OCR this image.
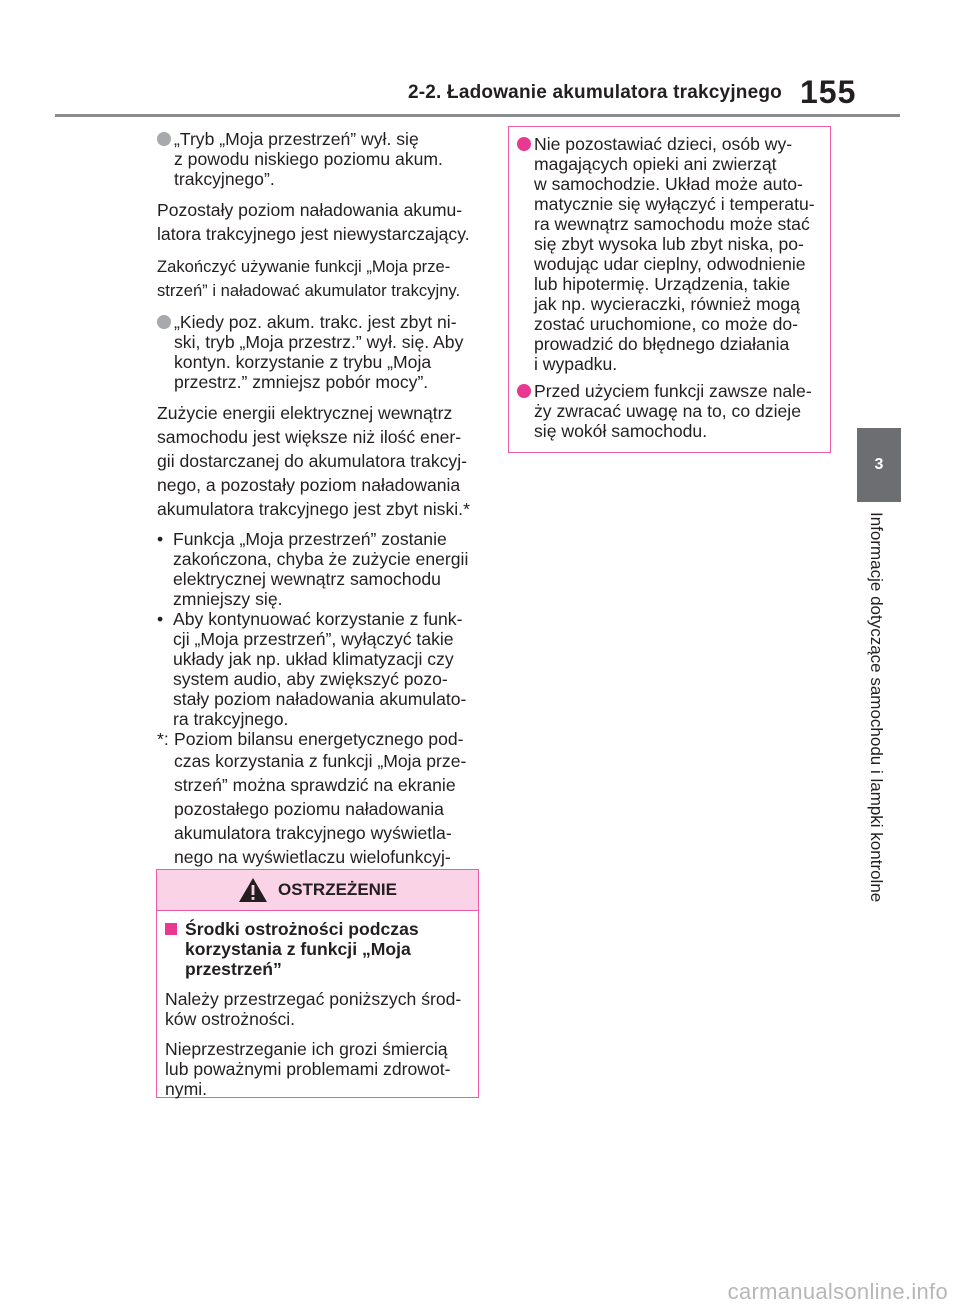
2-2. Ładowanie akumulatora trakcyjnego 155
3
Informacje dotyczące samochodu i lampki kontrolne
„Tryb „Moja przestrzeń” wył. się
z powodu niskiego poziomu akum.
trakcyjnego”.

Pozostały poziom naładowania akumu-
latora trakcyjnego jest niewystarczający.

Zakończyć używanie funkcji „Moja prze-
strzeń” i naładować akumulator trakcyjny.

„Kiedy poz. akum. trakc. jest zbyt ni-
ski, tryb „Moja przestrz.” wył. się. Aby
kontyn. korzystanie z trybu „Moja
przestrz.” zmniejsz pobór mocy”.

Zużycie energii elektrycznej wewnątrz
samochodu jest większe niż ilość ener-
gii dostarczanej do akumulatora trakcyj-
nego, a pozostały poziom naładowania
akumulatora trakcyjnego jest zbyt niski.*

• Funkcja „Moja przestrzeń” zostanie
zakończona, chyba że zużycie energii
elektrycznej wewnątrz samochodu
zmniejszy się.
• Aby kontynuować korzystanie z funk-
cji „Moja przestrzeń”, wyłączyć takie
układy jak np. układ klimatyzacji czy
system audio, aby zwiększyć pozo-
stały poziom naładowania akumulato-
ra trakcyjnego.
*: Poziom bilansu energetycznego pod-
czas korzystania z funkcji „Moja prze-
strzeń” można sprawdzić na ekranie
pozostałego poziomu naładowania
akumulatora trakcyjnego wyświetla-
nego na wyświetlaczu wielofunkcyj-

OSTRZEŻENIE
Środki ostrożności podczas
korzystania z funkcji „Moja
przestrzeń”

Należy przestrzegać poniższych środ-
ków ostrożności.

Nieprzestrzeganie ich grozi śmiercią
lub poważnymi problemami zdrowot-
nymi.

Nie pozostawiać dzieci, osób wy-
magających opieki ani zwierząt
w samochodzie. Układ może auto-
matycznie się wyłączyć i temperatu-
ra wewnątrz samochodu może stać
się zbyt wysoka lub zbyt niska, po-
wodując udar cieplny, odwodnienie
lub hipotermię. Urządzenia, takie
jak np. wycieraczki, również mogą
zostać uruchomione, co może do-
prowadzić do błędnego działania
i wypadku.
Przed użyciem funkcji zawsze nale-
ży zwracać uwagę na to, co dzieje
się wokół samochodu.
carmanualsonline.info
